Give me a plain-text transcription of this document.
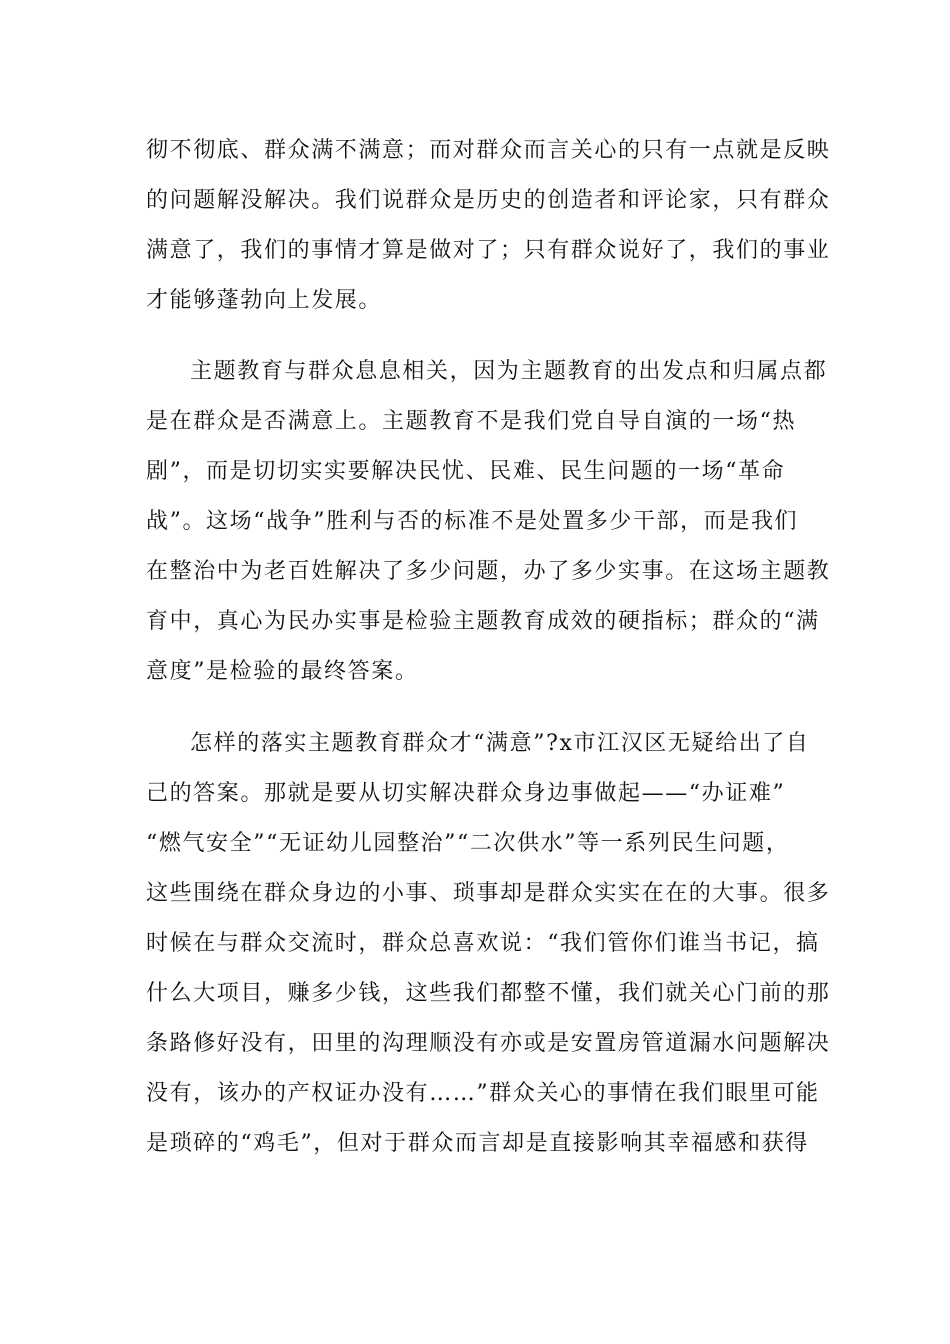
彻不彻底、群众满不满意；而对群众而言关心的只有一点就是反映
的问题解没解决。我们说群众是历史的创造者和评论家，只有群众
满意了，我们的事情才算是做对了；只有群众说好了，我们的事业
才能够蓬勃向上发展。
主题教育与群众息息相关，因为主题教育的出发点和归属点都
是在群众是否满意上。主题教育不是我们党自导自演的一场“热
剧”，而是切切实实要解决民忧、民难、民生问题的一场“革命
战”。这场“战争”胜利与否的标准不是处置多少干部，而是我们
在整治中为老百姓解决了多少问题，办了多少实事。在这场主题教
育中，真心为民办实事是检验主题教育成效的硬指标；群众的“满
意度”是检验的最终答案。
怎样的落实主题教育群众才“满意”?x市江汉区无疑给出了自
己的答案。那就是要从切实解决群众身边事做起——“办证难”
“燃气安全”“无证幼儿园整治”“二次供水”等一系列民生问题，
这些围绕在群众身边的小事、琐事却是群众实实在在的大事。很多
时候在与群众交流时，群众总喜欢说：“我们管你们谁当书记，搞
什么大项目，赚多少钱，这些我们都整不懂，我们就关心门前的那
条路修好没有，田里的沟理顺没有亦或是安置房管道漏水问题解决
没有，该办的产权证办没有……”群众关心的事情在我们眼里可能
是琐碎的“鸡毛”，但对于群众而言却是直接影响其幸福感和获得
